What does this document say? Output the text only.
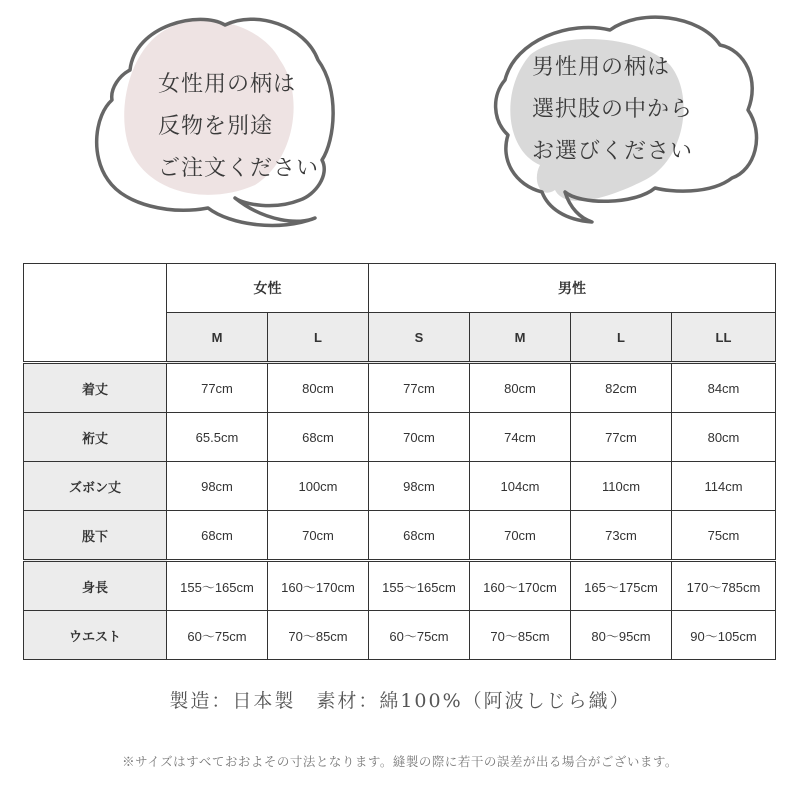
女性用の柄は
反物を別途
ご注文ください
男性用の柄は
選択肢の中から
お選びください
	女性		男性			
	M	L	S	M	L	LL
着丈	77cm	80cm	77cm	80cm	82cm	84cm
裄丈	65.5cm	68cm	70cm	74cm	77cm	80cm
ズボン丈	98cm	100cm	98cm	104cm	110cm	114cm
股下	68cm	70cm	68cm	70cm	73cm	75cm
身長	155〜165cm	160〜170cm	155〜165cm	160〜170cm	165〜175cm	170〜785cm
ウエスト	60〜75cm	70〜85cm	60〜75cm	70〜85cm	80〜95cm	90〜105cm
製造：日本製　素材：綿100%（阿波しじら織）
※サイズはすべておおよその寸法となります。縫製の際に若干の誤差が出る場合がございます。
